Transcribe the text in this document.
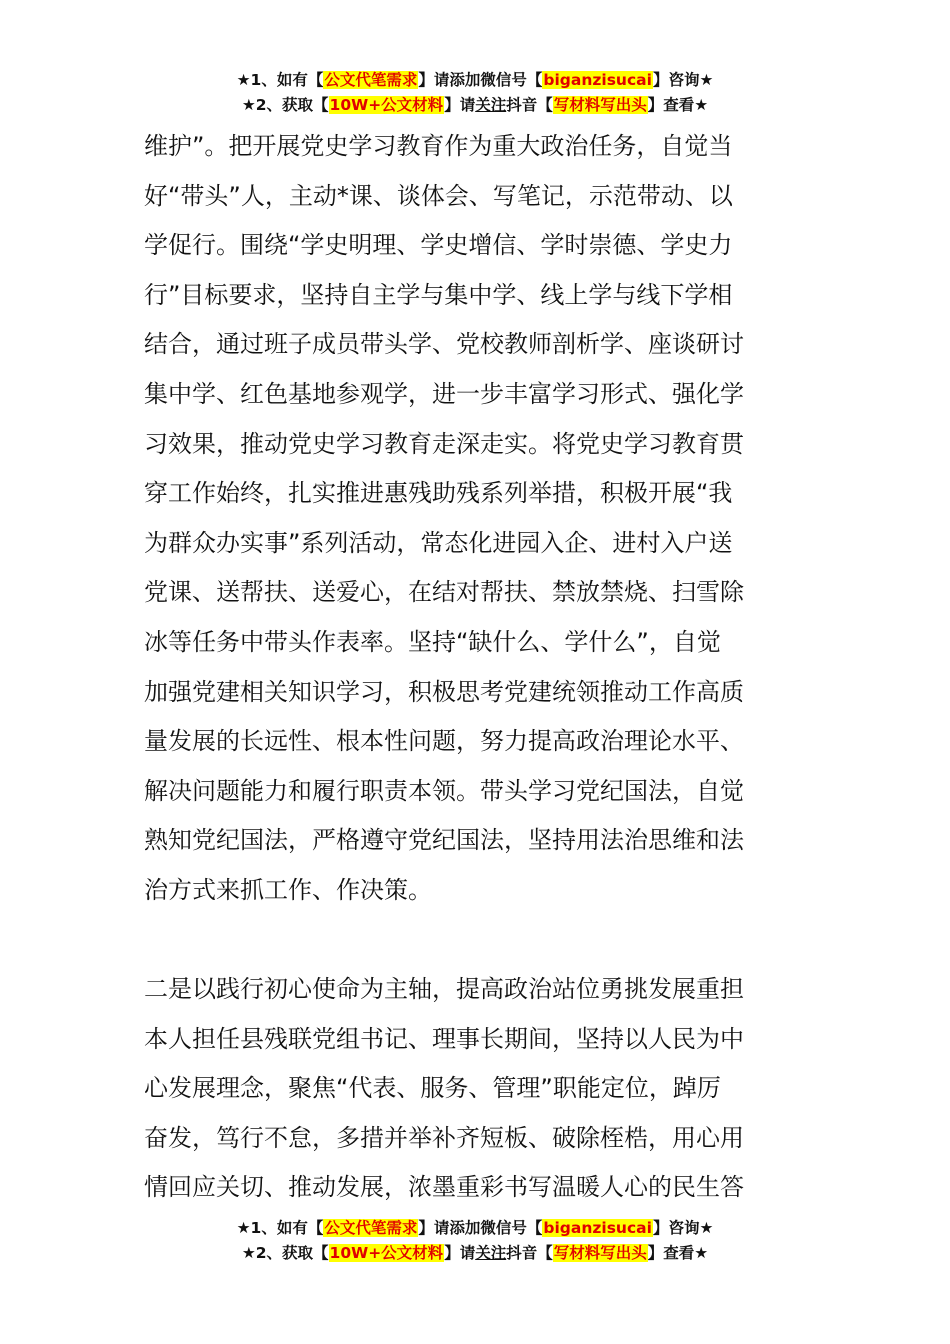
★1、如有【公文代笔需求】请添加微信号【biganzisucai】咨询★
★2、获取【10W+公文材料】请关注抖音【写材料写出头】查看★
维护”。把开展党史学习教育作为重大政治任务，自觉当
好“带头”人，主动*课、谈体会、写笔记，示范带动、以
学促行。围绕“学史明理、学史增信、学时崇德、学史力
行”目标要求，坚持自主学与集中学、线上学与线下学相
结合，通过班子成员带头学、党校教师剖析学、座谈研讨
集中学、红色基地参观学，进一步丰富学习形式、强化学
习效果，推动党史学习教育走深走实。将党史学习教育贯
穿工作始终，扎实推进惠残助残系列举措，积极开展“我
为群众办实事”系列活动，常态化进园入企、进村入户送
党课、送帮扶、送爱心，在结对帮扶、禁放禁烧、扫雪除
冰等任务中带头作表率。坚持“缺什么、学什么”，自觉
加强党建相关知识学习，积极思考党建统领推动工作高质
量发展的长远性、根本性问题，努力提高政治理论水平、
解决问题能力和履行职责本领。带头学习党纪国法，自觉
熟知党纪国法，严格遵守党纪国法，坚持用法治思维和法
治方式来抓工作、作决策。
二是以践行初心使命为主轴，提高政治站位勇挑发展重担
本人担任县残联党组书记、理事长期间，坚持以人民为中
心发展理念，聚焦“代表、服务、管理”职能定位，踔厉
奋发，笃行不怠，多措并举补齐短板、破除桎梏，用心用
情回应关切、推动发展，浓墨重彩书写温暖人心的民生答
★1、如有【公文代笔需求】请添加微信号【biganzisucai】咨询★
★2、获取【10W+公文材料】请关注抖音【写材料写出头】查看★
